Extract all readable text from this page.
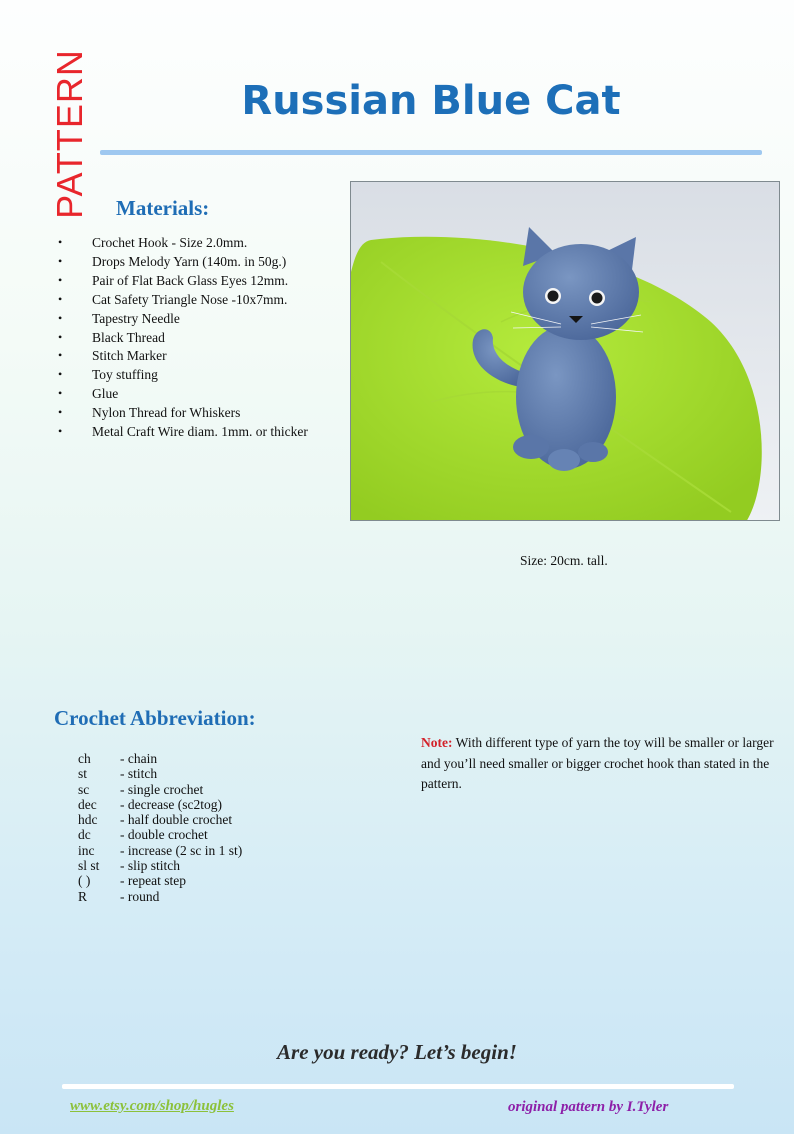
PATTERN	Russian Blue Cat
Materials:
• Crochet Hook - Size 2.0mm.
• Drops Melody Yarn (140m. in 50g.)
• Pair of Flat Back Glass Eyes 12mm.
• Cat Safety Triangle Nose -10x7mm.
• Tapestry Needle
• Black Thread
• Stitch Marker
• Toy stuffing
• Glue
• Nylon Thread for Whiskers
• Metal Craft Wire diam. 1mm. or thicker
Size: 20cm. tall.
Crochet Abbreviation:
ch	- chain
st	- stitch
sc	- single crochet
dec	- decrease (sc2tog)
hdc	- half double crochet
dc	- double crochet
inc	- increase (2 sc in 1 st)
sl st	- slip stitch
( )	- repeat step
R	- round

Note: With different type of yarn the toy will be smaller or larger and you’ll need smaller or bigger crochet hook than stated in the pattern.

Are you ready? Let’s begin!
www.etsy.com/shop/hugles	original pattern by I.Tyler
